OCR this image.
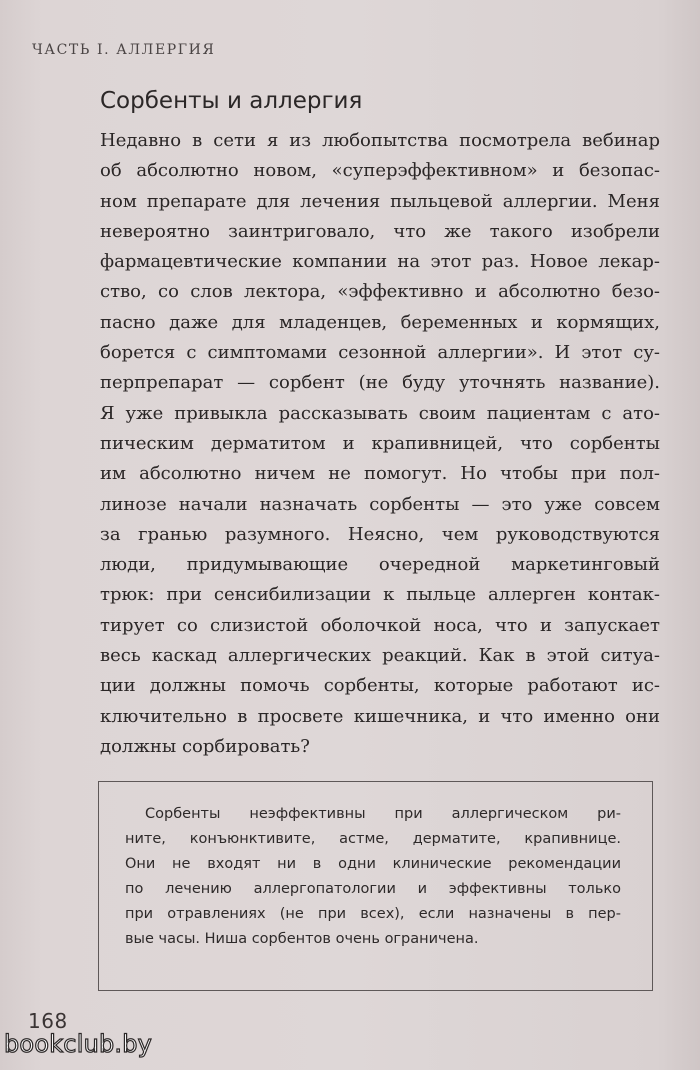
ЧАСТЬ I. АЛЛЕРГИЯ
Сорбенты и аллергия
Недавно в сети я из любопытства посмотрела вебинар
об абсолютно новом, «суперэффективном» и безопас-
ном препарате для лечения пыльцевой аллергии. Меня
невероятно заинтриговало, что же такого изобрели
фармацевтические компании на этот раз. Новое лекар-
ство, со слов лектора, «эффективно и абсолютно безо-
пасно даже для младенцев, беременных и кормящих,
борется с симптомами сезонной аллергии». И этот су-
перпрепарат — сорбент (не буду уточнять название).
Я уже привыкла рассказывать своим пациентам с ато-
пическим дерматитом и крапивницей, что сорбенты
им абсолютно ничем не помогут. Но чтобы при пол-
линозе начали назначать сорбенты — это уже совсем
за гранью разумного. Неясно, чем руководствуются
люди, придумывающие очередной маркетинговый
трюк: при сенсибилизации к пыльце аллерген контак-
тирует со слизистой оболочкой носа, что и запускает
весь каскад аллергических реакций. Как в этой ситуа-
ции должны помочь сорбенты, которые работают ис-
ключительно в просвете кишечника, и что именно они
должны сорбировать?
Сорбенты неэффективны при аллергическом ри-
ните, конъюнктивите, астме, дерматите, крапивнице.
Они не входят ни в одни клинические рекомендации
по лечению аллергопатологии и эффективны только
при отравлениях (не при всех), если назначены в пер-
вые часы. Ниша сорбентов очень ограничена.
168
bookclub.by
